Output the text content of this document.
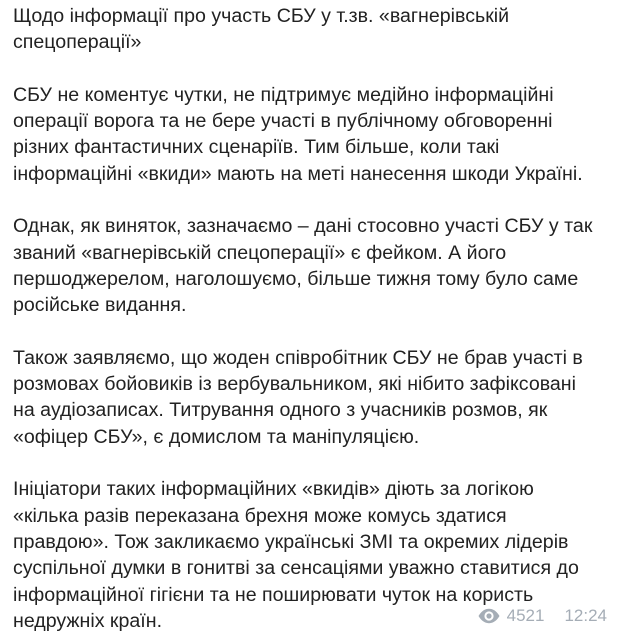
Щодо інформації про участь СБУ у т.зв. «вагнерівській
спецоперації»

СБУ не коментує чутки, не підтримує медійно інформаційні
операції ворога та не бере участі в публічному обговоренні
різних фантастичних сценаріїв. Тим більше, коли такі
інформаційні «вкиди» мають на меті нанесення шкоди Україні.

Однак, як виняток, зазначаємо – дані стосовно участі СБУ у так
званий «вагнерівській спецоперації» є фейком. А його
першоджерелом, наголошуємо, більше тижня тому було саме
російське видання.

Також заявляємо, що жоден співробітник СБУ не брав участі в
розмовах бойовиків із вербувальником, які нібито зафіксовані
на аудіозаписах. Титрування одного з учасників розмов, як
«офіцер СБУ», є домислом та маніпуляцією.

Ініціатори таких інформаційних «вкидів» діють за логікою
«кілька разів переказана брехня може комусь здатися
правдою». Тож закликаємо українські ЗМІ та окремих лідерів
суспільної думки в гонитві за сенсаціями уважно ставитися до
інформаційної гігієни та не поширювати чуток на користь
недружніх країн.	4521 12:24
